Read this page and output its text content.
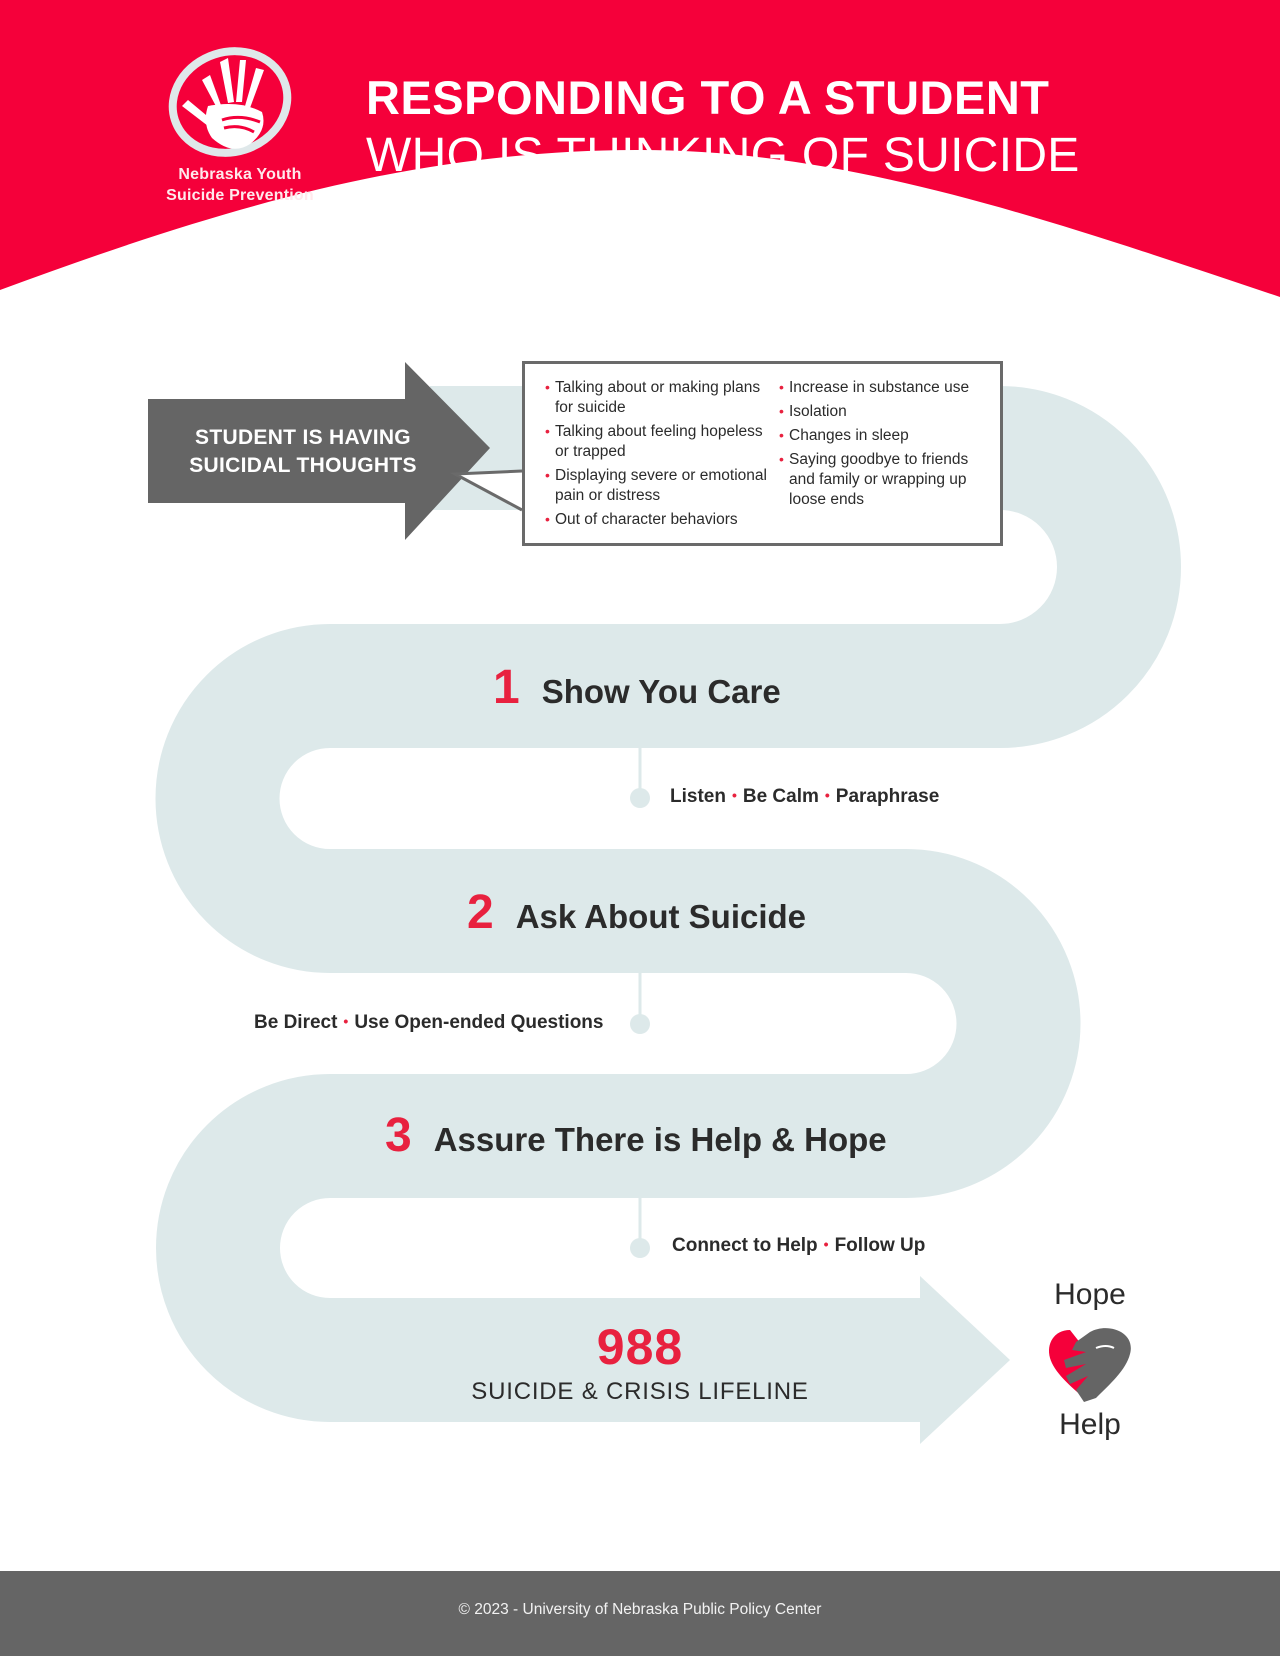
Nebraska Youth
Suicide Prevention
RESPONDING TO A STUDENT
WHO IS THINKING OF SUICIDE
STUDENT IS HAVING
SUICIDAL THOUGHTS
• Talking about or making plans for suicide
• Talking about feeling hopeless or trapped
• Displaying severe or emotional pain or distress
• Out of character behaviors
• Increase in substance use
• Isolation
• Changes in sleep
• Saying goodbye to friends and family or wrapping up loose ends
1 Show You Care
Listen • Be Calm • Paraphrase
2 Ask About Suicide
Be Direct • Use Open-ended Questions
3 Assure There is Help & Hope
Connect to Help • Follow Up
988
SUICIDE & CRISIS LIFELINE
Hope
Help
© 2023 - University of Nebraska Public Policy Center
